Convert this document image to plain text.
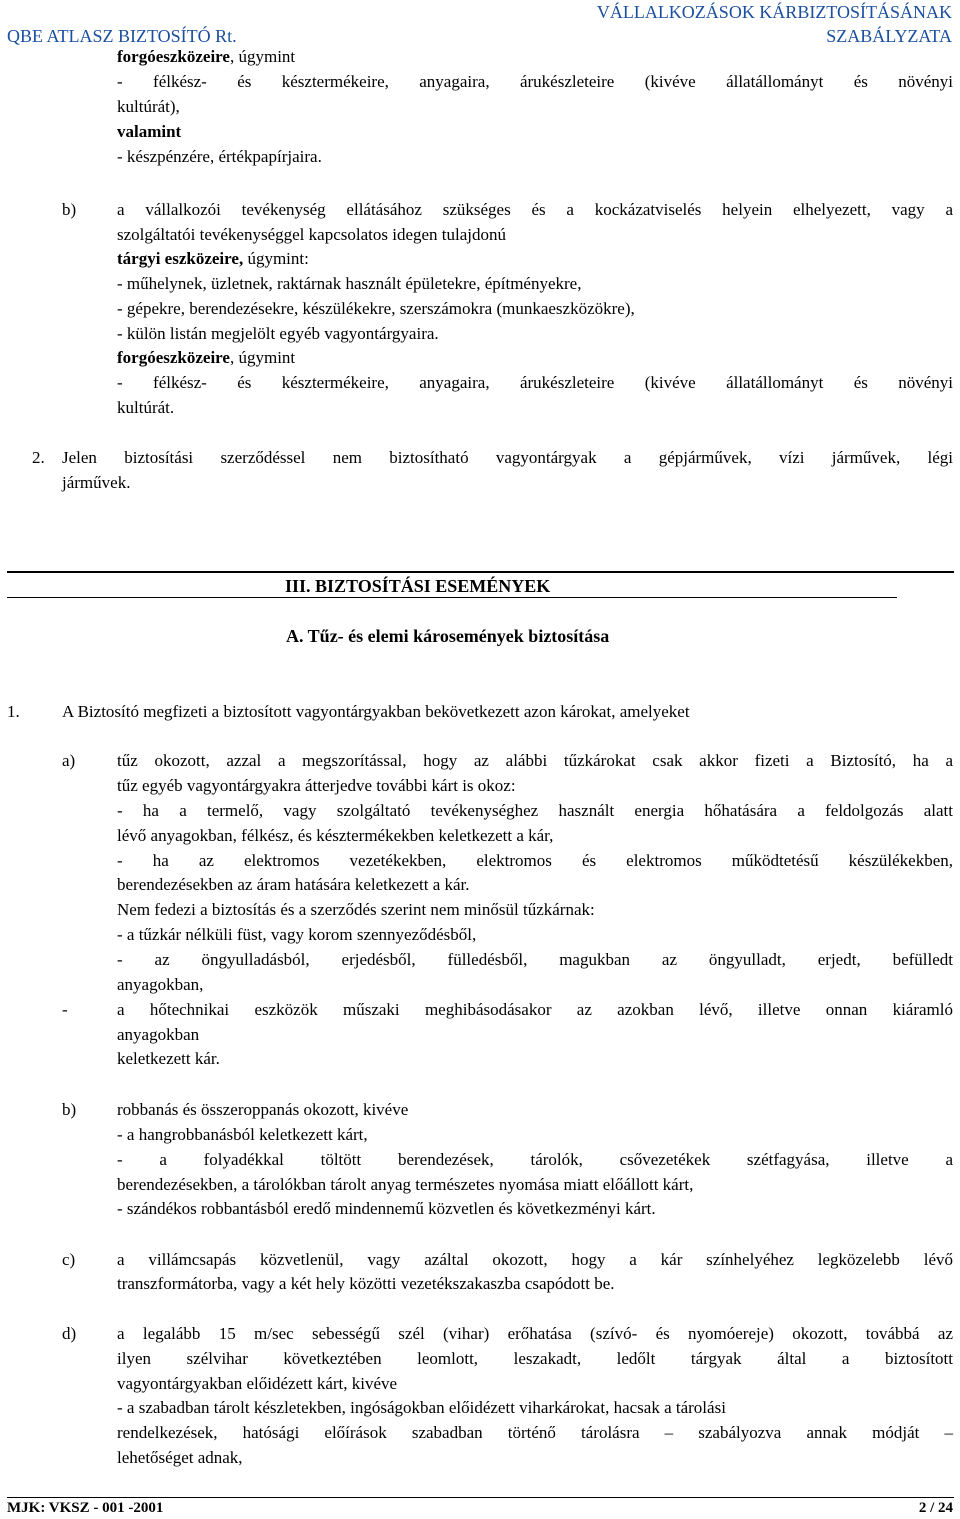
QBE ATLASZ BIZTOSÍTÓ Rt.
VÁLLALKOZÁSOK KÁRBIZTOSÍTÁSÁNAK
SZABÁLYZATA
forgóeszközeire, úgymint
- félkész- és késztermékeire, anyagaira, árukészleteire (kivéve állatállományt és növényi
kultúrát),
valamint
- készpénzére, értékpapírjaira.
b) a vállalkozói tevékenység ellátásához szükséges és a kockázatviselés helyein elhelyezett, vagy a
szolgáltatói tevékenységgel kapcsolatos idegen tulajdonú
tárgyi eszközeire, úgymint:
- műhelynek, üzletnek, raktárnak használt épületekre, építményekre,
- gépekre, berendezésekre, készülékekre, szerszámokra (munkaeszközökre),
- külön listán megjelölt egyéb vagyontárgyaira.
forgóeszközeire, úgymint
- félkész- és késztermékeire, anyagaira, árukészleteire (kivéve állatállományt és növényi
kultúrát.
2. Jelen biztosítási szerződéssel nem biztosítható vagyontárgyak a gépjárművek, vízi járművek, légi
járművek.
III. BIZTOSÍTÁSI ESEMÉNYEK
A. Tűz- és elemi károsemények biztosítása
1. A Biztosító megfizeti a biztosított vagyontárgyakban bekövetkezett azon károkat, amelyeket
a) tűz okozott, azzal a megszorítással, hogy az alábbi tűzkárokat csak akkor fizeti a Biztosító, ha a
tűz egyéb vagyontárgyakra átterjedve további kárt is okoz:
- ha a termelő, vagy szolgáltató tevékenységhez használt energia hőhatására a feldolgozás alatt
lévő anyagokban, félkész, és késztermékekben keletkezett a kár,
- ha az elektromos vezetékekben, elektromos és elektromos működtetésű készülékekben,
berendezésekben az áram hatására keletkezett a kár.
Nem fedezi a biztosítás és a szerződés szerint nem minősül tűzkárnak:
- a tűzkár nélküli füst, vagy korom szennyeződésből,
- az öngyulladásból, erjedésből, fülledésből, magukban az öngyulladt, erjedt, befülledt
anyagokban,
-	a hőtechnikai eszközök műszaki meghibásodásakor az azokban lévő, illetve onnan kiáramló
anyagokban
keletkezett kár.
b) robbanás és összeroppanás okozott, kivéve
- a hangrobbanásból keletkezett kárt,
- a folyadékkal töltött berendezések, tárolók, csővezetékek szétfagyása, illetve a
berendezésekben, a tárolókban tárolt anyag természetes nyomása miatt előállott kárt,
- szándékos robbantásból eredő mindennemű közvetlen és következményi kárt.
c) a villámcsapás közvetlenül, vagy azáltal okozott, hogy a kár színhelyéhez legközelebb lévő
transzformátorba, vagy a két hely közötti vezetékszakaszba csapódott be.
d) a legalább 15 m/sec sebességű szél (vihar) erőhatása (szívó- és nyomóereje) okozott, továbbá az
ilyen szélvihar következtében leomlott, leszakadt, ledőlt tárgyak által a biztosított
vagyontárgyakban előidézett kárt, kivéve
- a szabadban tárolt készletekben, ingóságokban előidézett viharkárokat, hacsak a tárolási
rendelkezések, hatósági előírások szabadban történő tárolásra – szabályozva annak módját –
lehetőséget adnak,
MJK: VKSZ - 001 -2001	2 / 24
